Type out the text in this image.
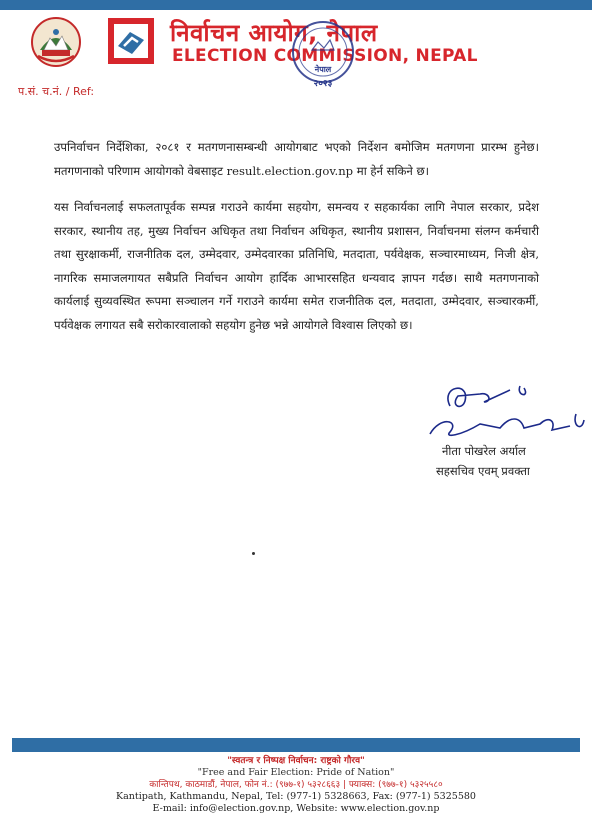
निर्वाचन आयोग, नेपाल
ELECTION COMMISSION, NEPAL
नेपाल
२०२३
प.सं. च.नं. / Ref:
उपनिर्वाचन निर्देशिका, २०८१ र मतगणनासम्बन्धी आयोगबाट भएको निर्देशन बमोजिम मतगणना प्रारम्भ हुनेछ। मतगणनाको परिणाम आयोगको वेबसाइट result.election.gov.np मा हेर्न सकिने छ।
यस निर्वाचनलाई सफलतापूर्वक सम्पन्न गराउने कार्यमा सहयोग, समन्वय र सहकार्यका लागि नेपाल सरकार, प्रदेश सरकार, स्थानीय तह, मुख्य निर्वाचन अधिकृत तथा निर्वाचन अधिकृत, स्थानीय प्रशासन, निर्वाचनमा संलग्न कर्मचारी तथा सुरक्षाकर्मी, राजनीतिक दल, उम्मेदवार, उम्मेदवारका प्रतिनिधि, मतदाता, पर्यवेक्षक, सञ्चारमाध्यम, निजी क्षेत्र, नागरिक समाजलगायत सबैप्रति निर्वाचन आयोग हार्दिक आभारसहित धन्यवाद ज्ञापन गर्दछ। साथै मतगणनाको कार्यलाई सुव्यवस्थित रूपमा सञ्चालन गर्ने गराउने कार्यमा समेत राजनीतिक दल, मतदाता, उम्मेदवार, सञ्चारकर्मी, पर्यवेक्षक लगायत सबै सरोकारवालाको सहयोग हुनेछ भन्ने आयोगले विश्वास लिएको छ।
नीता पोखरेल अर्याल
सहसचिव एवम् प्रवक्ता
"स्वतन्त्र र निष्पक्ष निर्वाचन: राष्ट्रको गौरव"
"Free and Fair Election: Pride of Nation"
कान्तिपथ, काठमाडौं, नेपाल, फोन नं.: (९७७-१) ५३२८६६३ | फ्याक्स: (९७७-१) ५३२५५८०
Kantipath, Kathmandu, Nepal, Tel: (977-1) 5328663, Fax: (977-1) 5325580
E-mail: info@election.gov.np, Website: www.election.gov.np
